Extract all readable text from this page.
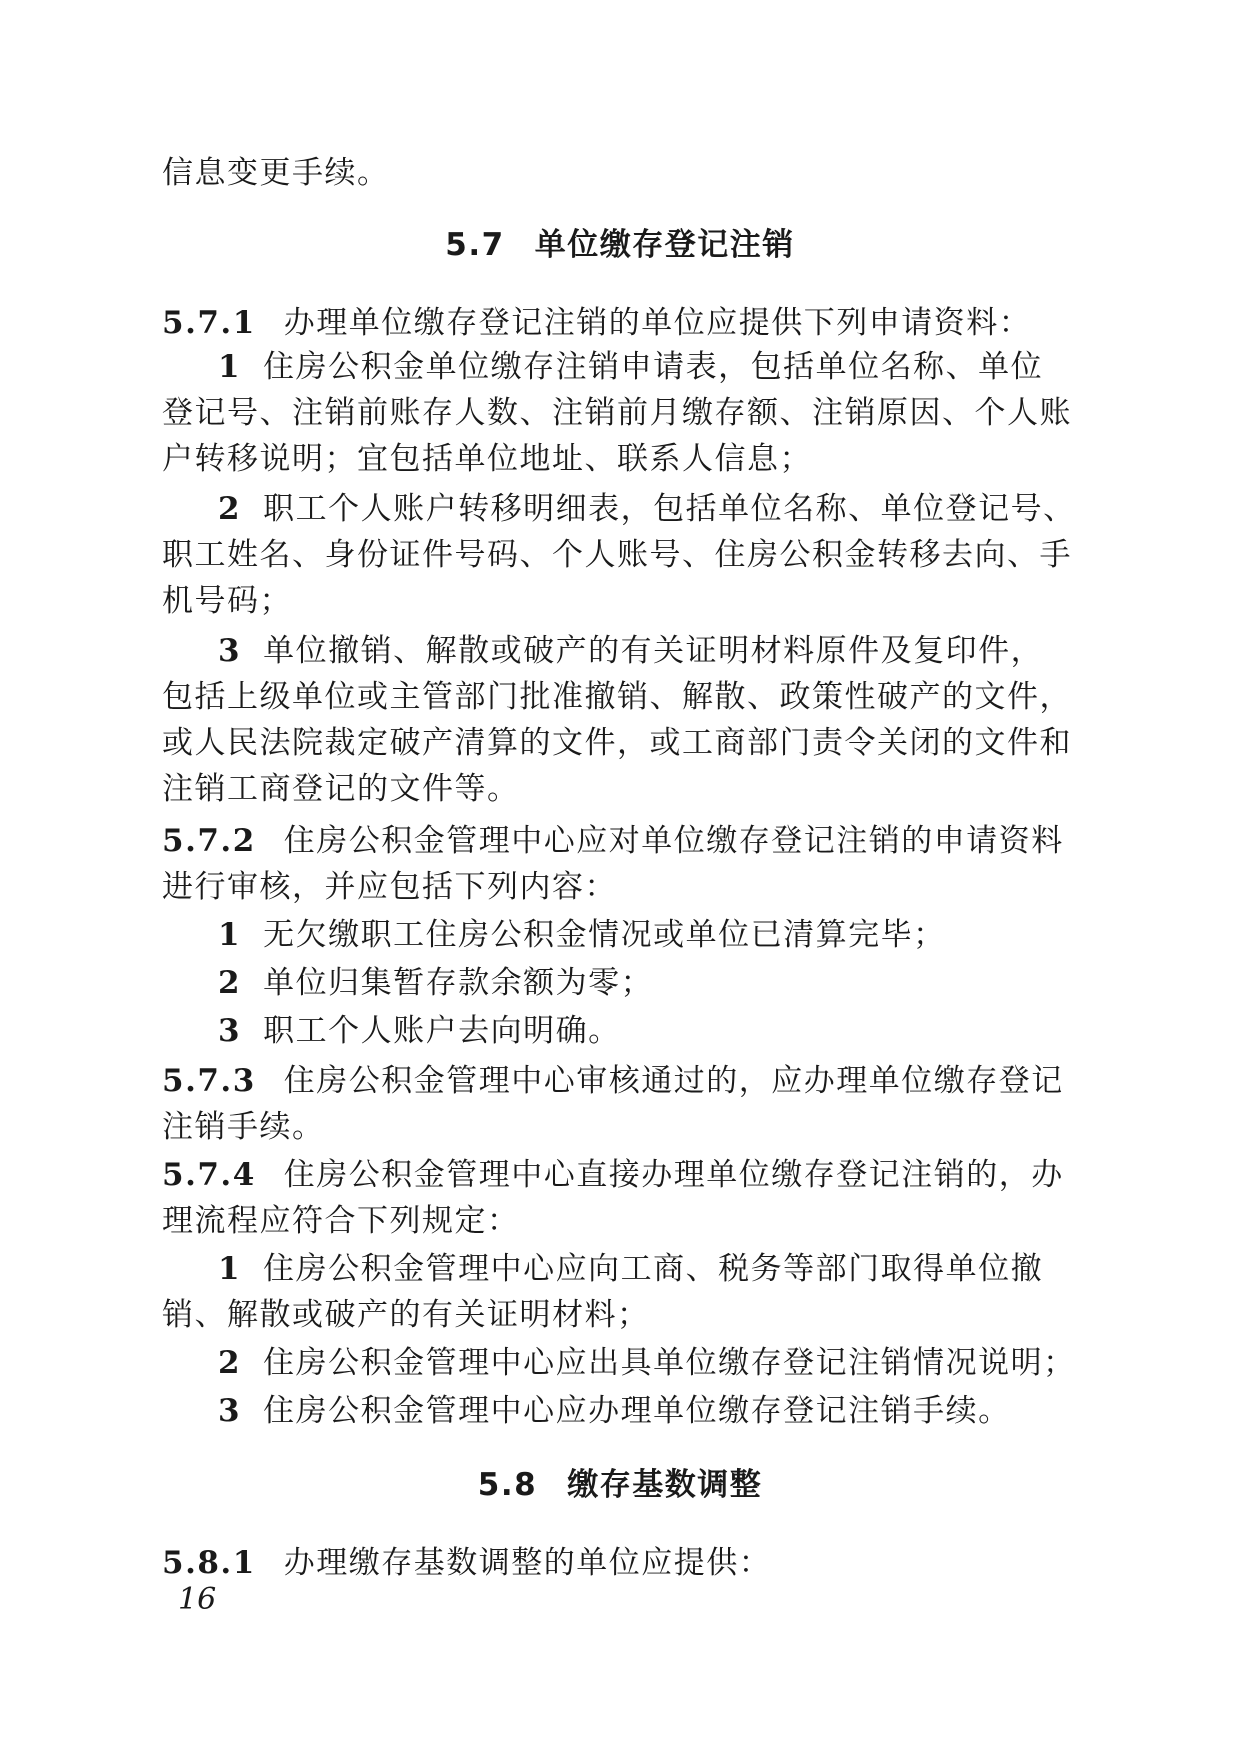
信息变更手续。
5.7 单位缴存登记注销
5.7.1 办理单位缴存登记注销的单位应提供下列申请资料：
1 住房公积金单位缴存注销申请表，包括单位名称、单位
登记号、注销前账存人数、注销前月缴存额、注销原因、个人账
户转移说明；宜包括单位地址、联系人信息；
2 职工个人账户转移明细表，包括单位名称、单位登记号、
职工姓名、身份证件号码、个人账号、住房公积金转移去向、手
机号码；
3 单位撤销、解散或破产的有关证明材料原件及复印件，
包括上级单位或主管部门批准撤销、解散、政策性破产的文件，
或人民法院裁定破产清算的文件，或工商部门责令关闭的文件和
注销工商登记的文件等。
5.7.2 住房公积金管理中心应对单位缴存登记注销的申请资料
进行审核，并应包括下列内容：
1 无欠缴职工住房公积金情况或单位已清算完毕；
2 单位归集暂存款余额为零；
3 职工个人账户去向明确。
5.7.3 住房公积金管理中心审核通过的，应办理单位缴存登记
注销手续。
5.7.4 住房公积金管理中心直接办理单位缴存登记注销的，办
理流程应符合下列规定：
1 住房公积金管理中心应向工商、税务等部门取得单位撤
销、解散或破产的有关证明材料；
2 住房公积金管理中心应出具单位缴存登记注销情况说明；
3 住房公积金管理中心应办理单位缴存登记注销手续。
5.8 缴存基数调整
5.8.1 办理缴存基数调整的单位应提供：
16
